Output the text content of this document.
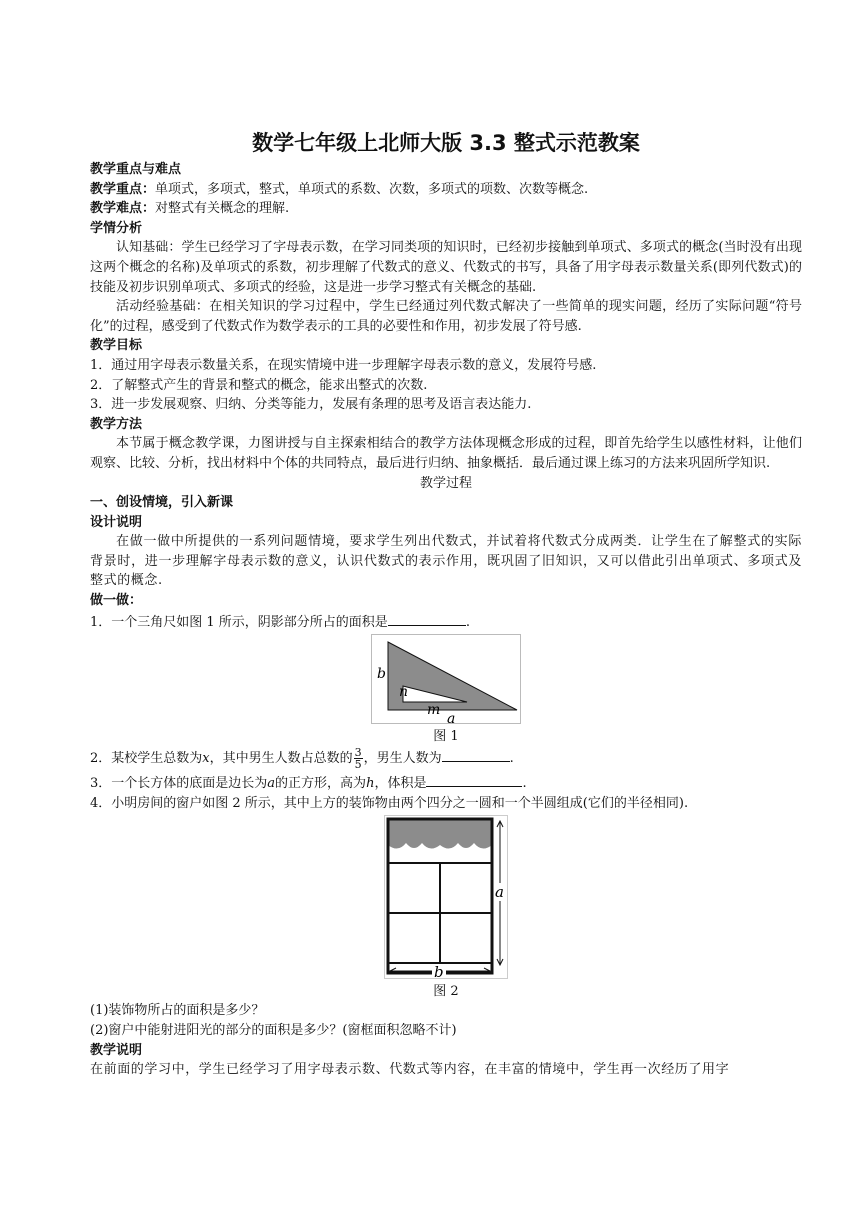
数学七年级上北师大版 3.3 整式示范教案
教学重点与难点
教学重点：单项式，多项式，整式，单项式的系数、次数，多项式的项数、次数等概念.
教学难点：对整式有关概念的理解.
学情分析
认知基础：学生已经学习了字母表示数，在学习同类项的知识时，已经初步接触到单项式、多项式的概念(当时没有出现这两个概念的名称)及单项式的系数，初步理解了代数式的意义、代数式的书写，具备了用字母表示数量关系(即列代数式)的技能及初步识别单项式、多项式的经验，这是进一步学习整式有关概念的基础.
活动经验基础：在相关知识的学习过程中，学生已经通过列代数式解决了一些简单的现实问题，经历了实际问题“符号化”的过程，感受到了代数式作为数学表示的工具的必要性和作用，初步发展了符号感.
教学目标
1．通过用字母表示数量关系，在现实情境中进一步理解字母表示数的意义，发展符号感.
2．了解整式产生的背景和整式的概念，能求出整式的次数.
3．进一步发展观察、归纳、分类等能力，发展有条理的思考及语言表达能力.
教学方法
本节属于概念教学课，力图讲授与自主探索相结合的教学方法体现概念形成的过程，即首先给学生以感性材料，让他们观察、比较、分析，找出材料中个体的共同特点，最后进行归纳、抽象概括．最后通过课上练习的方法来巩固所学知识.
教学过程
一、创设情境，引入新课
设计说明
在做一做中所提供的一系列问题情境，要求学生列出代数式，并试着将代数式分成两类．让学生在了解整式的实际背景时，进一步理解字母表示数的意义，认识代数式的表示作用，既巩固了旧知识，又可以借此引出单项式、多项式及整式的概念.
做一做：
1．一个三角尺如图 1 所示，阴影部分所占的面积是	.
b
n
m
a
图 1
2．某校学生总数为x，其中男生人数占总数的 $\frac{3}{5}$ ，男生人数为	.
3．一个长方体的底面是边长为a的正方形，高为h，体积是	.
4．小明房间的窗户如图 2 所示，其中上方的装饰物由两个四分之一圆和一个半圆组成(它们的半径相同).
a
b
图 2
(1)装饰物所占的面积是多少？
(2)窗户中能射进阳光的部分的面积是多少？(窗框面积忽略不计)
教学说明
在前面的学习中，学生已经学习了用字母表示数、代数式等内容，在丰富的情境中，学生再一次经历了用字
